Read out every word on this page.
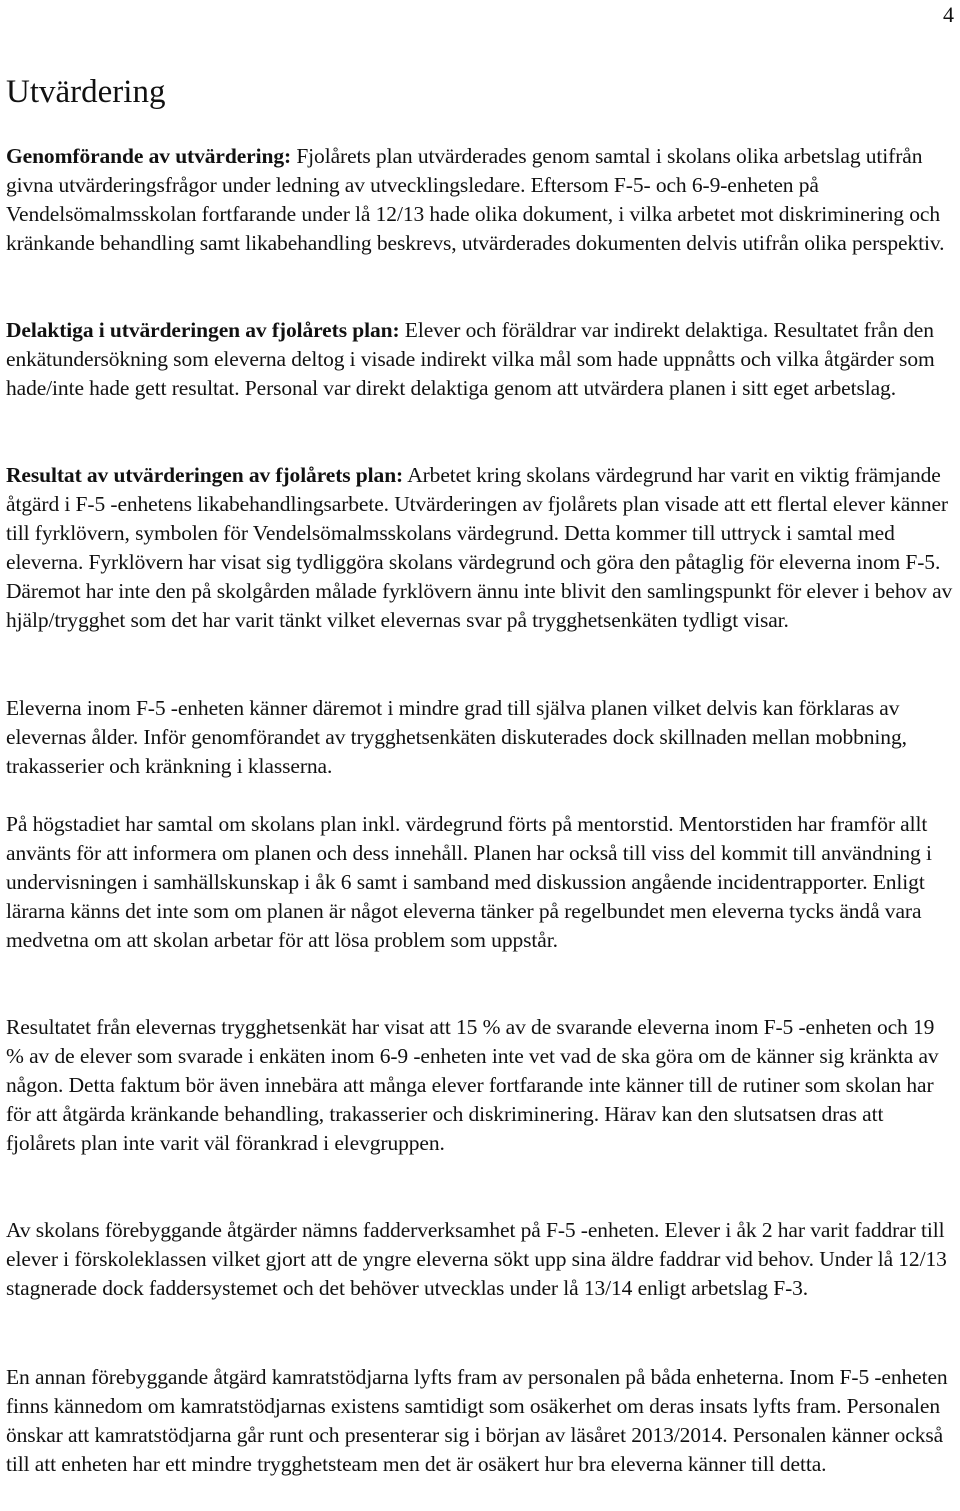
4
Utvärdering

Genomförande av utvärdering: Fjolårets plan utvärderades genom samtal i skolans olika arbetslag utifrån givna utvärderingsfrågor under ledning av utvecklingsledare. Eftersom F-5- och 6-9-enheten på Vendelsömalmsskolan fortfarande under lå 12/13 hade olika dokument, i vilka arbetet mot diskriminering och kränkande behandling samt likabehandling beskrevs, utvärderades dokumenten delvis utifrån olika perspektiv.

Delaktiga i utvärderingen av fjolårets plan: Elever och föräldrar var indirekt delaktiga. Resultatet från den enkätundersökning som eleverna deltog i visade indirekt vilka mål som hade uppnåtts och vilka åtgärder som hade/inte hade gett resultat. Personal var direkt delaktiga genom att utvärdera planen i sitt eget arbetslag.

Resultat av utvärderingen av fjolårets plan: Arbetet kring skolans värdegrund har varit en viktig främjande åtgärd i F-5 -enhetens likabehandlingsarbete. Utvärderingen av fjolårets plan visade att ett flertal elever känner till fyrklövern, symbolen för Vendelsömalmsskolans värdegrund. Detta kommer till uttryck i samtal med eleverna. Fyrklövern har visat sig tydliggöra skolans värdegrund och göra den påtaglig för eleverna inom F-5. Däremot har inte den på skolgården målade fyrklövern ännu inte blivit den samlingspunkt för elever i behov av hjälp/trygghet som det har varit tänkt vilket elevernas svar på trygghetsenkäten tydligt visar.

Eleverna inom F-5 -enheten känner däremot i mindre grad till själva planen vilket delvis kan förklaras av elevernas ålder. Inför genomförandet av trygghetsenkäten diskuterades dock skillnaden mellan mobbning, trakasserier och kränkning i klasserna.

På högstadiet har samtal om skolans plan inkl. värdegrund förts på mentorstid. Mentorstiden har framför allt använts för att informera om planen och dess innehåll. Planen har också till viss del kommit till användning i undervisningen i samhällskunskap i åk 6 samt i samband med diskussion angående incidentrapporter. Enligt lärarna känns det inte som om planen är något eleverna tänker på regelbundet men eleverna tycks ändå vara medvetna om att skolan arbetar för att lösa problem som uppstår.

Resultatet från elevernas trygghetsenkät har visat att 15 % av de svarande eleverna inom F-5 -enheten och 19 % av de elever som svarade i enkäten inom 6-9 -enheten inte vet vad de ska göra om de känner sig kränkta av någon. Detta faktum bör även innebära att många elever fortfarande inte känner till de rutiner som skolan har för att åtgärda kränkande behandling, trakasserier och diskriminering. Härav kan den slutsatsen dras att fjolårets plan inte varit väl förankrad i elevgruppen.

Av skolans förebyggande åtgärder nämns fadderverksamhet på F-5 -enheten. Elever i åk 2 har varit faddrar till elever i förskoleklassen vilket gjort att de yngre eleverna sökt upp sina äldre faddrar vid behov. Under lå 12/13 stagnerade dock faddersystemet och det behöver utvecklas under lå 13/14 enligt arbetslag F-3.

En annan förebyggande åtgärd kamratstödjarna lyfts fram av personalen på båda enheterna. Inom F-5 -enheten finns kännedom om kamratstödjarnas existens samtidigt som osäkerhet om deras insats lyfts fram. Personalen önskar att kamratstödjarna går runt och presenterar sig i början av läsåret 2013/2014. Personalen känner också till att enheten har ett mindre trygghetsteam men det är osäkert hur bra eleverna känner till detta.
